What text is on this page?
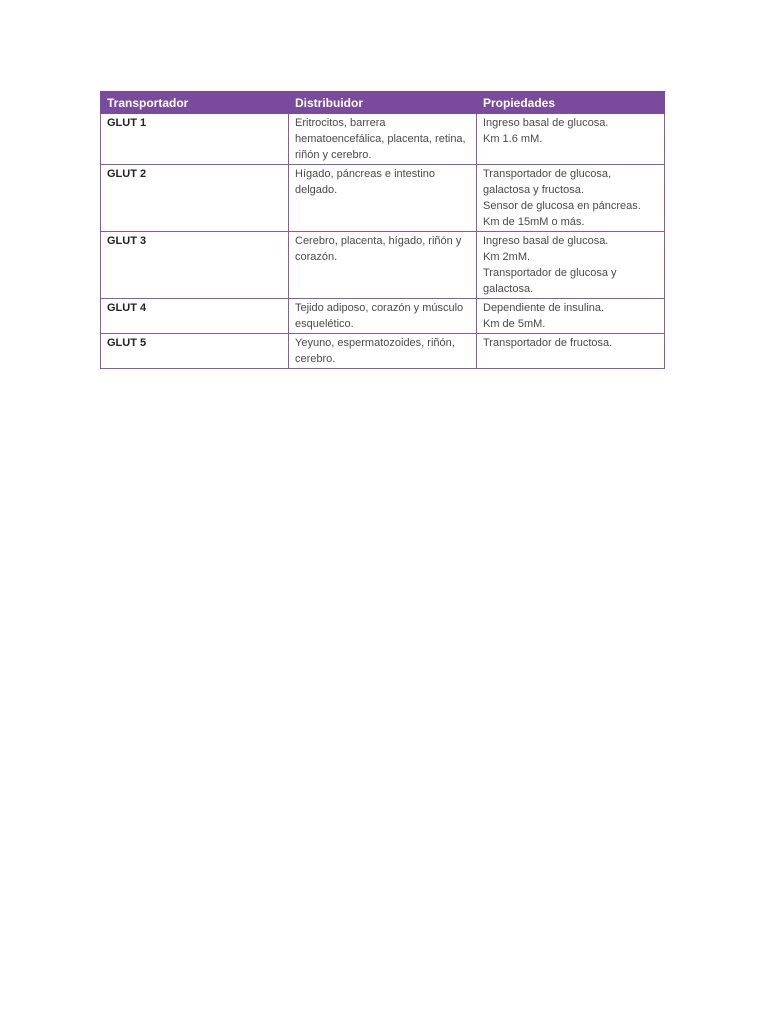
Transportador	Distribuidor	Propiedades
GLUT 1	Eritrocitos, barrera hematoencefálica, placenta, retina, riñón y cerebro.	Ingreso basal de glucosa.
Km 1.6 mM.

GLUT 2	Hígado, páncreas e intestino delgado.	Transportador de glucosa, galactosa y fructosa.
Sensor de glucosa en páncreas.
Km de 15mM o más.

GLUT 3	Cerebro, placenta, hígado, riñón y corazón.	Ingreso basal de glucosa.
Km 2mM.
Transportador de glucosa y galactosa.

GLUT 4	Tejido adiposo, corazón y músculo esquelético.	Dependiente de insulina.
Km de 5mM.

GLUT 5	Yeyuno, espermatozoides, riñón, cerebro.	Transportador de fructosa.
